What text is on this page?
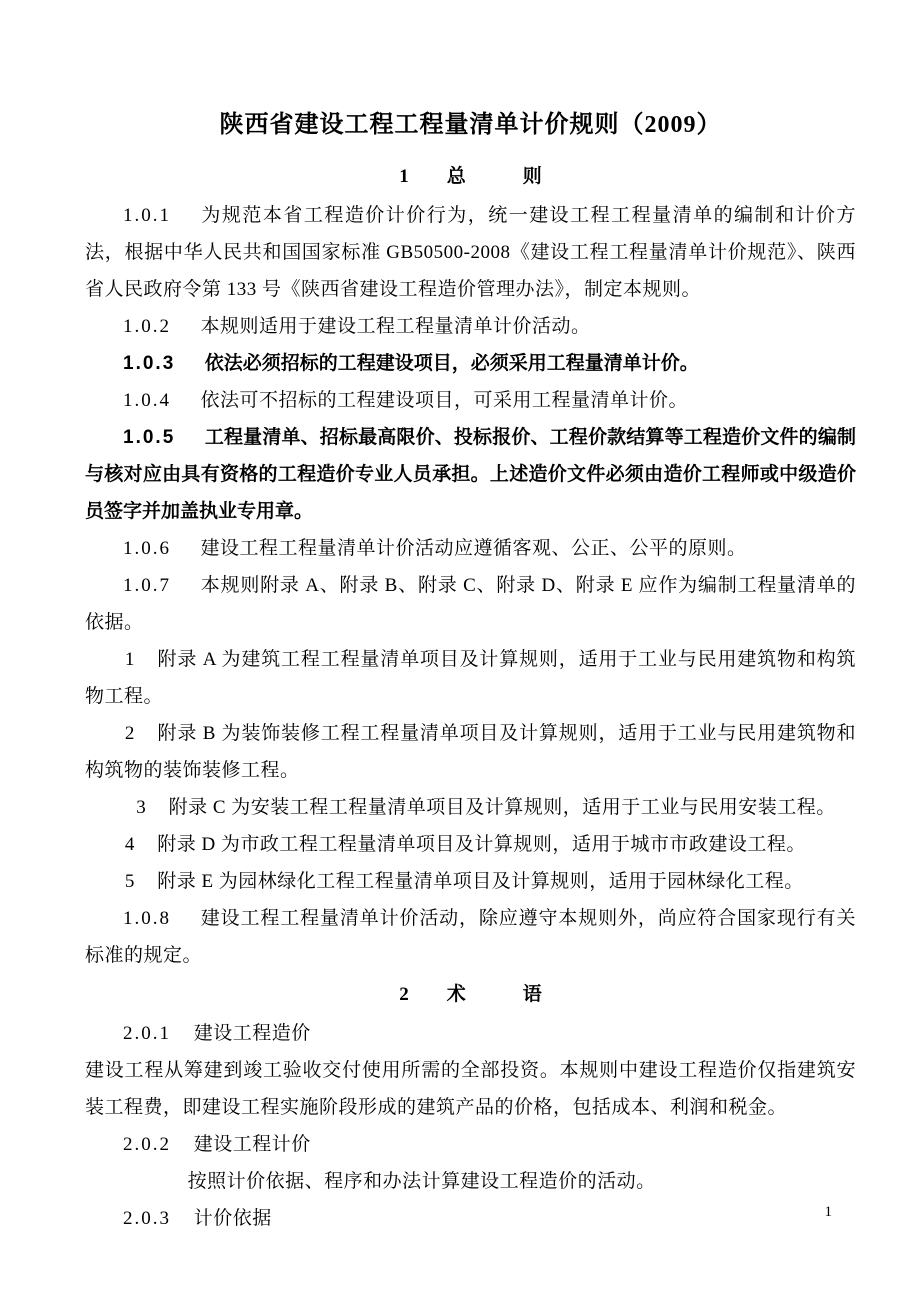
陕西省建设工程工程量清单计价规则（2009）
1　　总　　　则

1.0.1 为规范本省工程造价计价行为，统一建设工程工程量清单的编制和计价方法，根据中华人民共和国国家标准 GB50500-2008《建设工程工程量清单计价规范》、陕西省人民政府令第 133 号《陕西省建设工程造价管理办法》，制定本规则。

1.0.2 本规则适用于建设工程工程量清单计价活动。

1.0.3 依法必须招标的工程建设项目，必须采用工程量清单计价。

1.0.4 依法可不招标的工程建设项目，可采用工程量清单计价。

1.0.5 工程量清单、招标最高限价、投标报价、工程价款结算等工程造价文件的编制与核对应由具有资格的工程造价专业人员承担。上述造价文件必须由造价工程师或中级造价员签字并加盖执业专用章。

1.0.6 建设工程工程量清单计价活动应遵循客观、公正、公平的原则。

1.0.7 本规则附录 A、附录 B、附录 C、附录 D、附录 E 应作为编制工程量清单的依据。

1 附录 A 为建筑工程工程量清单项目及计算规则，适用于工业与民用建筑物和构筑物工程。

2 附录 B 为装饰装修工程工程量清单项目及计算规则，适用于工业与民用建筑物和构筑物的装饰装修工程。

3 附录 C 为安装工程工程量清单项目及计算规则，适用于工业与民用安装工程。

4 附录 D 为市政工程工程量清单项目及计算规则，适用于城市市政建设工程。

5 附录 E 为园林绿化工程工程量清单项目及计算规则，适用于园林绿化工程。

1.0.8 建设工程工程量清单计价活动，除应遵守本规则外，尚应符合国家现行有关标准的规定。

2　　术　　　语

2.0.1 建设工程造价

建设工程从筹建到竣工验收交付使用所需的全部投资。本规则中建设工程造价仅指建筑安装工程费，即建设工程实施阶段形成的建筑产品的价格，包括成本、利润和税金。

2.0.2 建设工程计价

按照计价依据、程序和办法计算建设工程造价的活动。

2.0.3 计价依据	1
